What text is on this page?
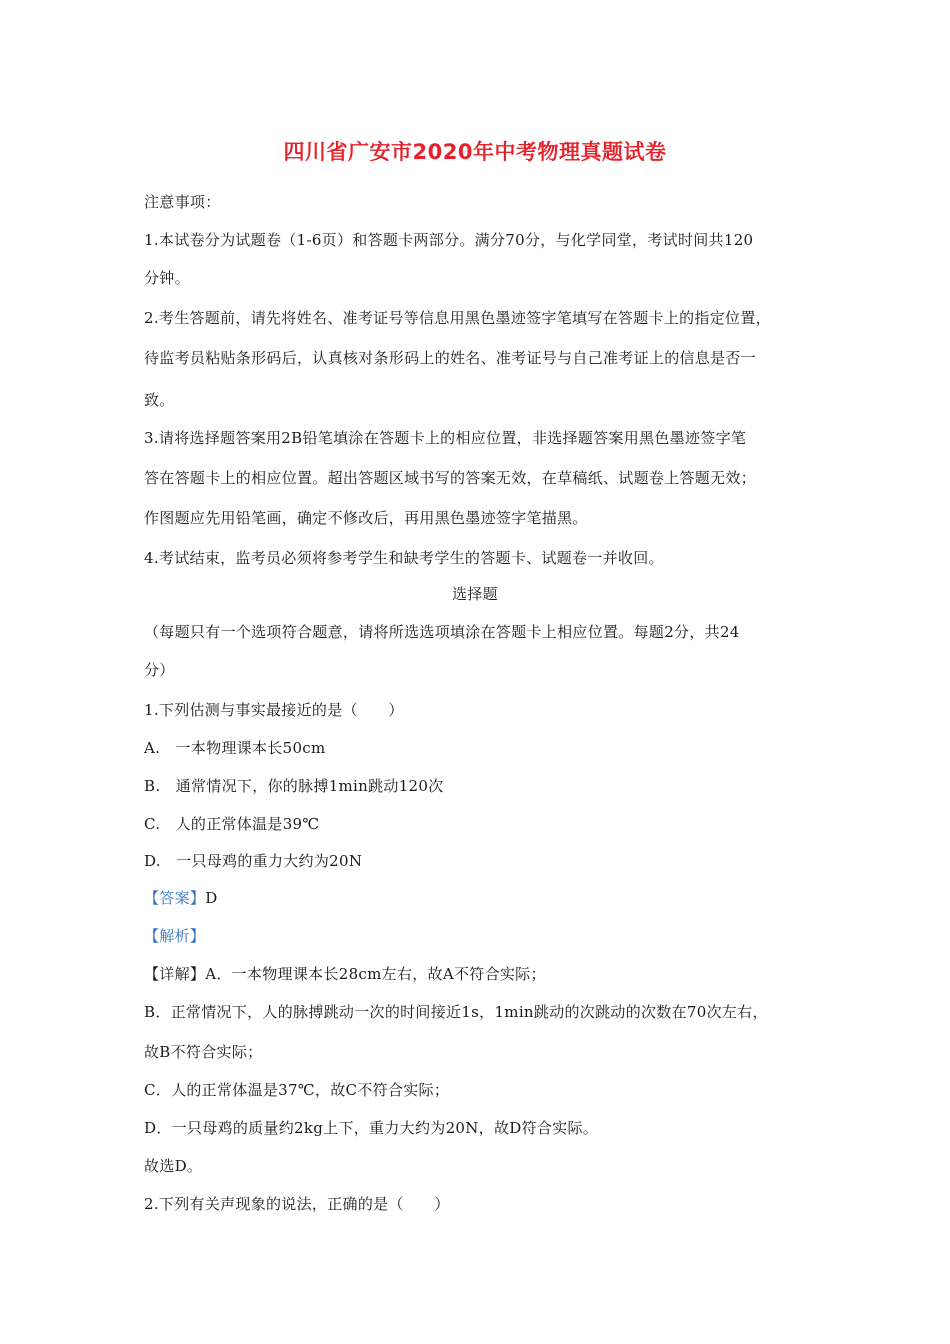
四川省广安市2020年中考物理真题试卷
注意事项：
1.本试卷分为试题卷（1-6页）和答题卡两部分。满分70分，与化学同堂，考试时间共120
分钟。
2.考生答题前，请先将姓名、准考证号等信息用黑色墨迹签字笔填写在答题卡上的指定位置，
待监考员粘贴条形码后，认真核对条形码上的姓名、准考证号与自己准考证上的信息是否一
致。
3.请将选择题答案用2B铅笔填涂在答题卡上的相应位置，非选择题答案用黑色墨迹签字笔
答在答题卡上的相应位置。超出答题区域书写的答案无效，在草稿纸、试题卷上答题无效；
作图题应先用铅笔画，确定不修改后，再用黑色墨迹签字笔描黑。
4.考试结束，监考员必须将参考学生和缺考学生的答题卡、试题卷一并收回。
选择题
（每题只有一个选项符合题意，请将所选选项填涂在答题卡上相应位置。每题2分，共24
分）
1.下列估测与事实最接近的是（　　）
A.　一本物理课本长50cm
B.　通常情况下，你的脉搏1min跳动120次
C.　人的正常体温是39℃
D.　一只母鸡的重力大约为20N
【答案】D
【解析】
【详解】A．一本物理课本长28cm左右，故A不符合实际；
B．正常情况下，人的脉搏跳动一次的时间接近1s，1min跳动的次跳动的次数在70次左右，
故B不符合实际；
C．人的正常体温是37℃，故C不符合实际；
D．一只母鸡的质量约2kg上下，重力大约为20N，故D符合实际。
故选D。
2.下列有关声现象的说法，正确的是（　　）
